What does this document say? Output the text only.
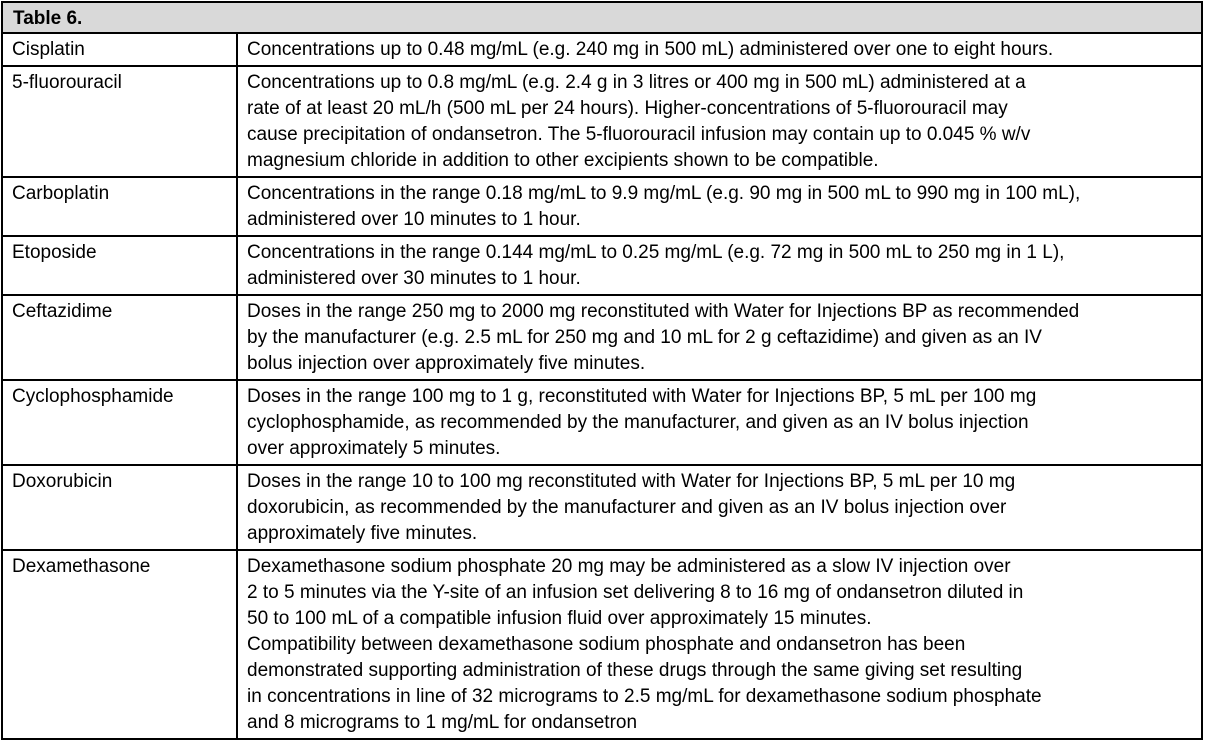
Table 6.
Cisplatin	Concentrations up to 0.48 mg/mL (e.g. 240 mg in 500 mL) administered over one to eight hours.
5-fluorouracil	Concentrations up to 0.8 mg/mL (e.g. 2.4 g in 3 litres or 400 mg in 500 mL) administered at a
rate of at least 20 mL/h (500 mL per 24 hours). Higher-concentrations of 5-fluorouracil may
cause precipitation of ondansetron. The 5-fluorouracil infusion may contain up to 0.045 % w/v
magnesium chloride in addition to other excipients shown to be compatible.
Carboplatin	Concentrations in the range 0.18 mg/mL to 9.9 mg/mL (e.g. 90 mg in 500 mL to 990 mg in 100 mL),
administered over 10 minutes to 1 hour.
Etoposide	Concentrations in the range 0.144 mg/mL to 0.25 mg/mL (e.g. 72 mg in 500 mL to 250 mg in 1 L),
administered over 30 minutes to 1 hour.
Ceftazidime	Doses in the range 250 mg to 2000 mg reconstituted with Water for Injections BP as recommended
by the manufacturer (e.g. 2.5 mL for 250 mg and 10 mL for 2 g ceftazidime) and given as an IV
bolus injection over approximately five minutes.
Cyclophosphamide	Doses in the range 100 mg to 1 g, reconstituted with Water for Injections BP, 5 mL per 100 mg
cyclophosphamide, as recommended by the manufacturer, and given as an IV bolus injection
over approximately 5 minutes.
Doxorubicin	Doses in the range 10 to 100 mg reconstituted with Water for Injections BP, 5 mL per 10 mg
doxorubicin, as recommended by the manufacturer and given as an IV bolus injection over
approximately five minutes.
Dexamethasone	Dexamethasone sodium phosphate 20 mg may be administered as a slow IV injection over
2 to 5 minutes via the Y-site of an infusion set delivering 8 to 16 mg of ondansetron diluted in
50 to 100 mL of a compatible infusion fluid over approximately 15 minutes.
Compatibility between dexamethasone sodium phosphate and ondansetron has been
demonstrated supporting administration of these drugs through the same giving set resulting
in concentrations in line of 32 micrograms to 2.5 mg/mL for dexamethasone sodium phosphate
and 8 micrograms to 1 mg/mL for ondansetron
